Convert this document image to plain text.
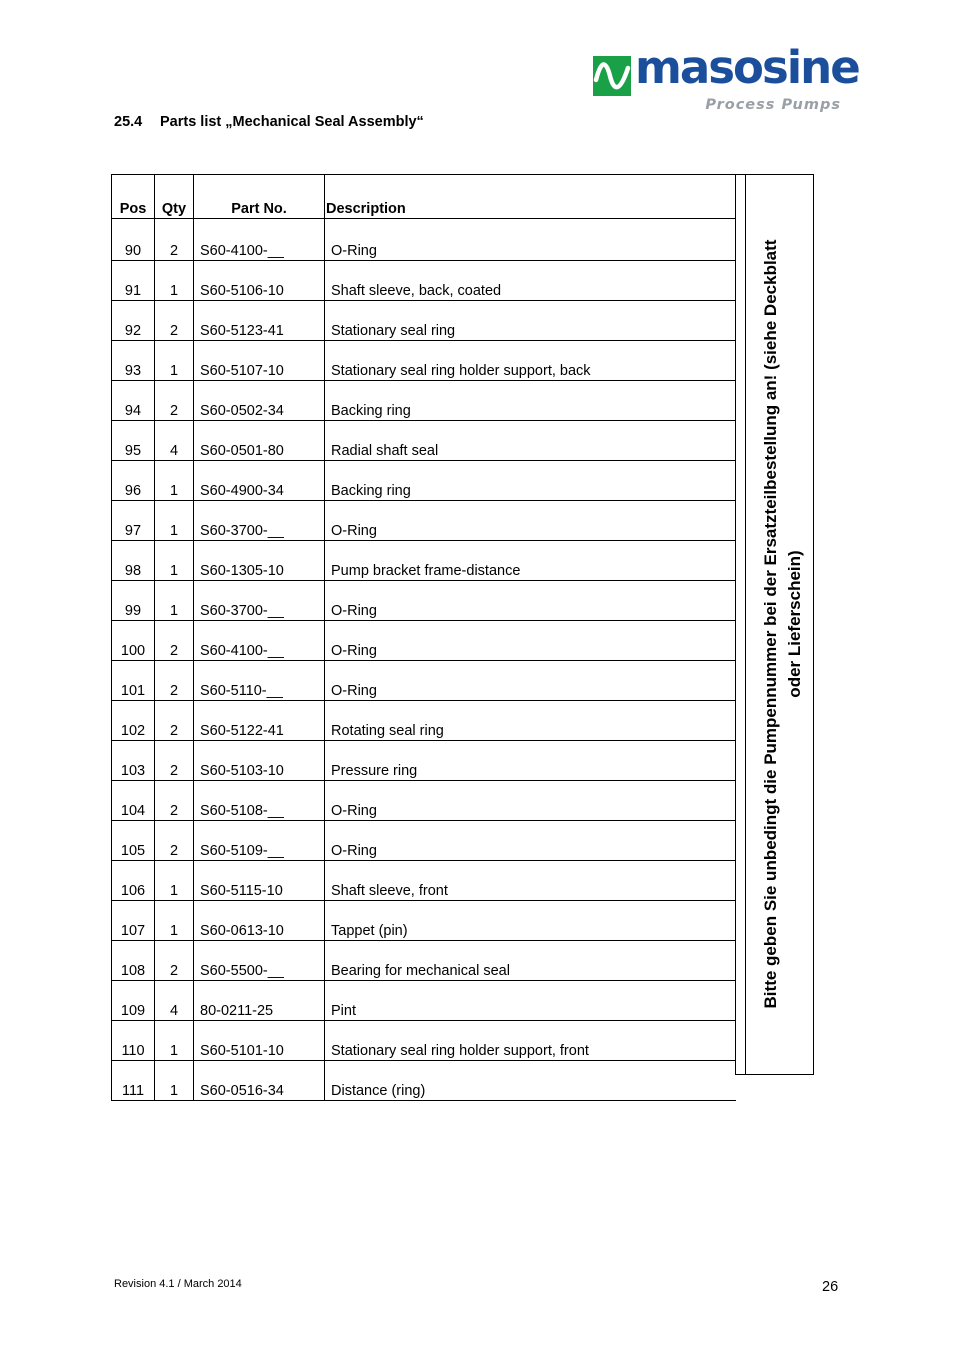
masosine
Process Pumps
25.4 Parts list „Mechanical Seal Assembly“
Pos	Qty	Part No.	Description
90	2	S60-4100-__	O-Ring
91	1	S60-5106-10	Shaft sleeve, back, coated
92	2	S60-5123-41	Stationary seal ring
93	1	S60-5107-10	Stationary seal ring holder support, back
94	2	S60-0502-34	Backing ring
95	4	S60-0501-80	Radial shaft seal
96	1	S60-4900-34	Backing ring
97	1	S60-3700-__	O-Ring
98	1	S60-1305-10	Pump bracket frame-distance
99	1	S60-3700-__	O-Ring
100	2	S60-4100-__	O-Ring
101	2	S60-5110-__	O-Ring
102	2	S60-5122-41	Rotating seal ring
103	2	S60-5103-10	Pressure ring
104	2	S60-5108-__	O-Ring
105	2	S60-5109-__	O-Ring
106	1	S60-5115-10	Shaft sleeve, front
107	1	S60-0613-10	Tappet (pin)
108	2	S60-5500-__	Bearing for mechanical seal
109	4	80-0211-25	Pint
110	1	S60-5101-10	Stationary seal ring holder support, front
111	1	S60-0516-34	Distance (ring)
Bitte geben Sie unbedingt die Pumpennummer bei der Ersatzteilbestellung an! (siehe Deckblatt oder Lieferschein)
Revision 4.1 / March 2014	26
